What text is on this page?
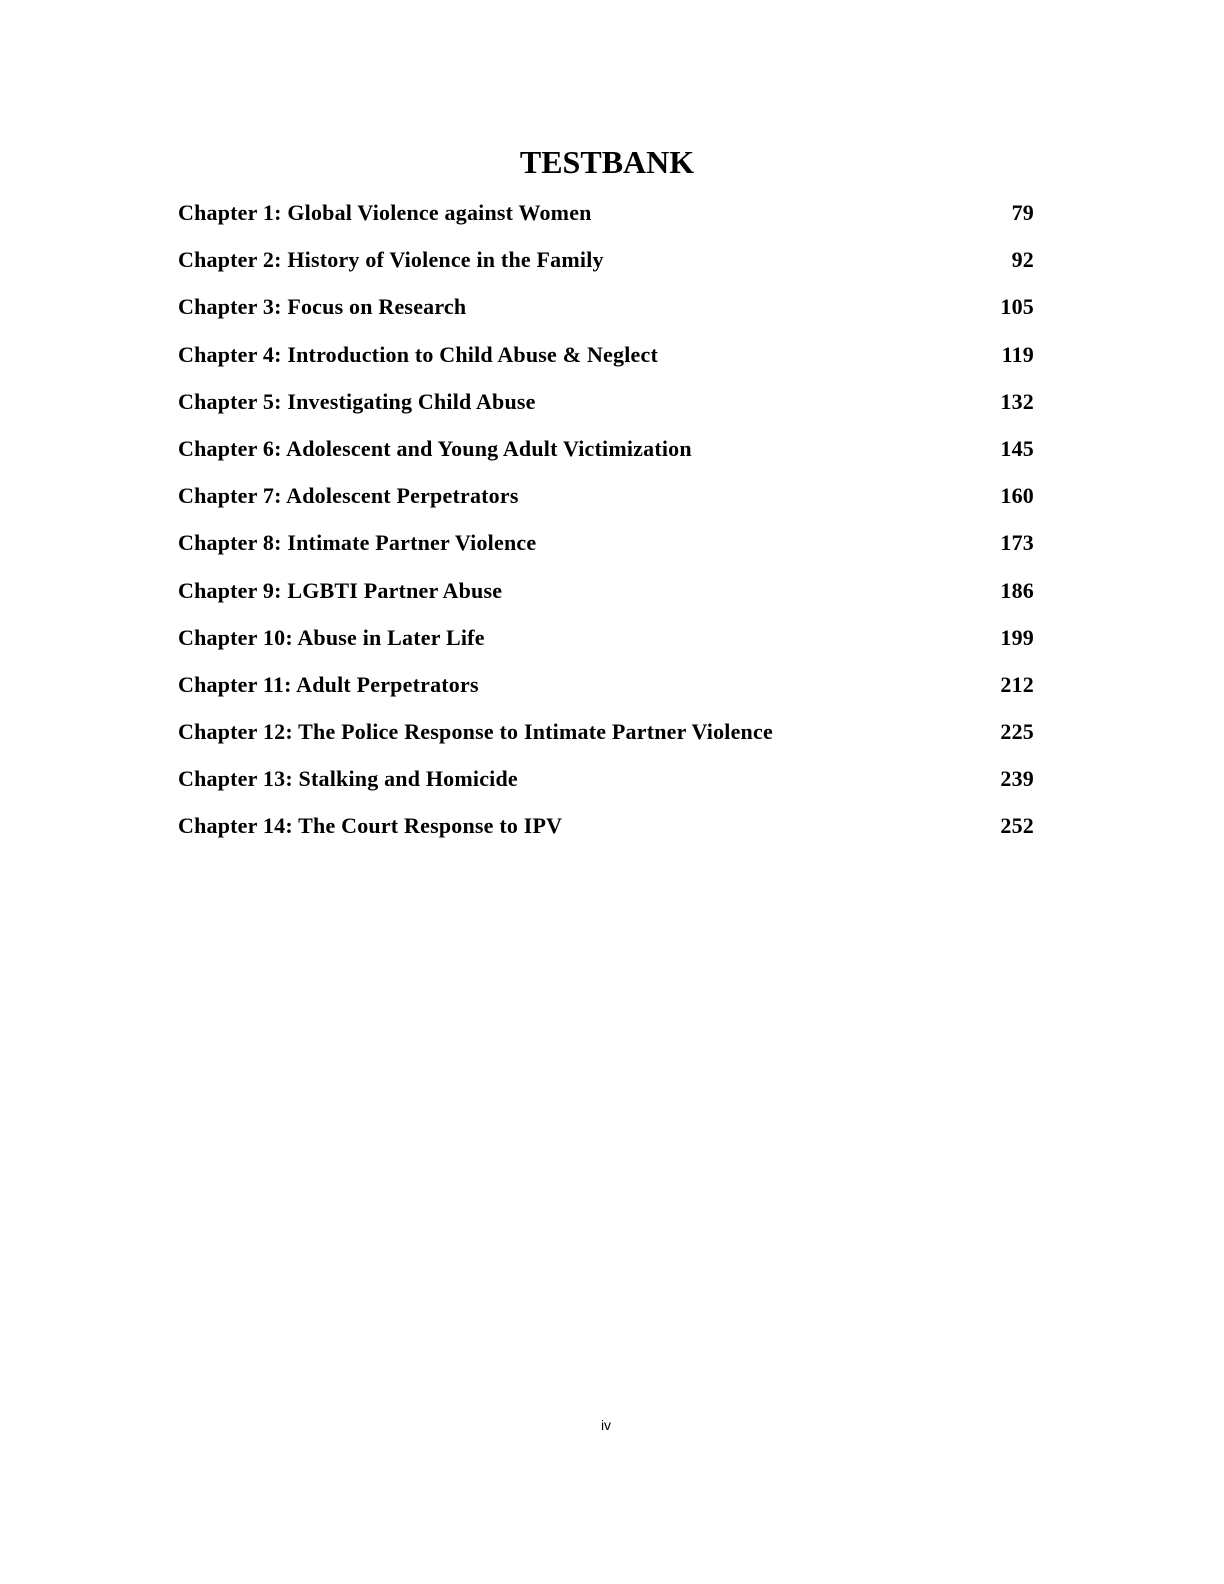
TESTBANK
Chapter 1: Global Violence against Women	79
Chapter 2: History of Violence in the Family	92
Chapter 3: Focus on Research	105
Chapter 4: Introduction to Child Abuse & Neglect	119
Chapter 5: Investigating Child Abuse	132
Chapter 6: Adolescent and Young Adult Victimization	145
Chapter 7: Adolescent Perpetrators	160
Chapter 8: Intimate Partner Violence	173
Chapter 9: LGBTI Partner Abuse	186
Chapter 10: Abuse in Later Life	199
Chapter 11: Adult Perpetrators	212
Chapter 12: The Police Response to Intimate Partner Violence	225
Chapter 13: Stalking and Homicide	239
Chapter 14: The Court Response to IPV	252
iv
